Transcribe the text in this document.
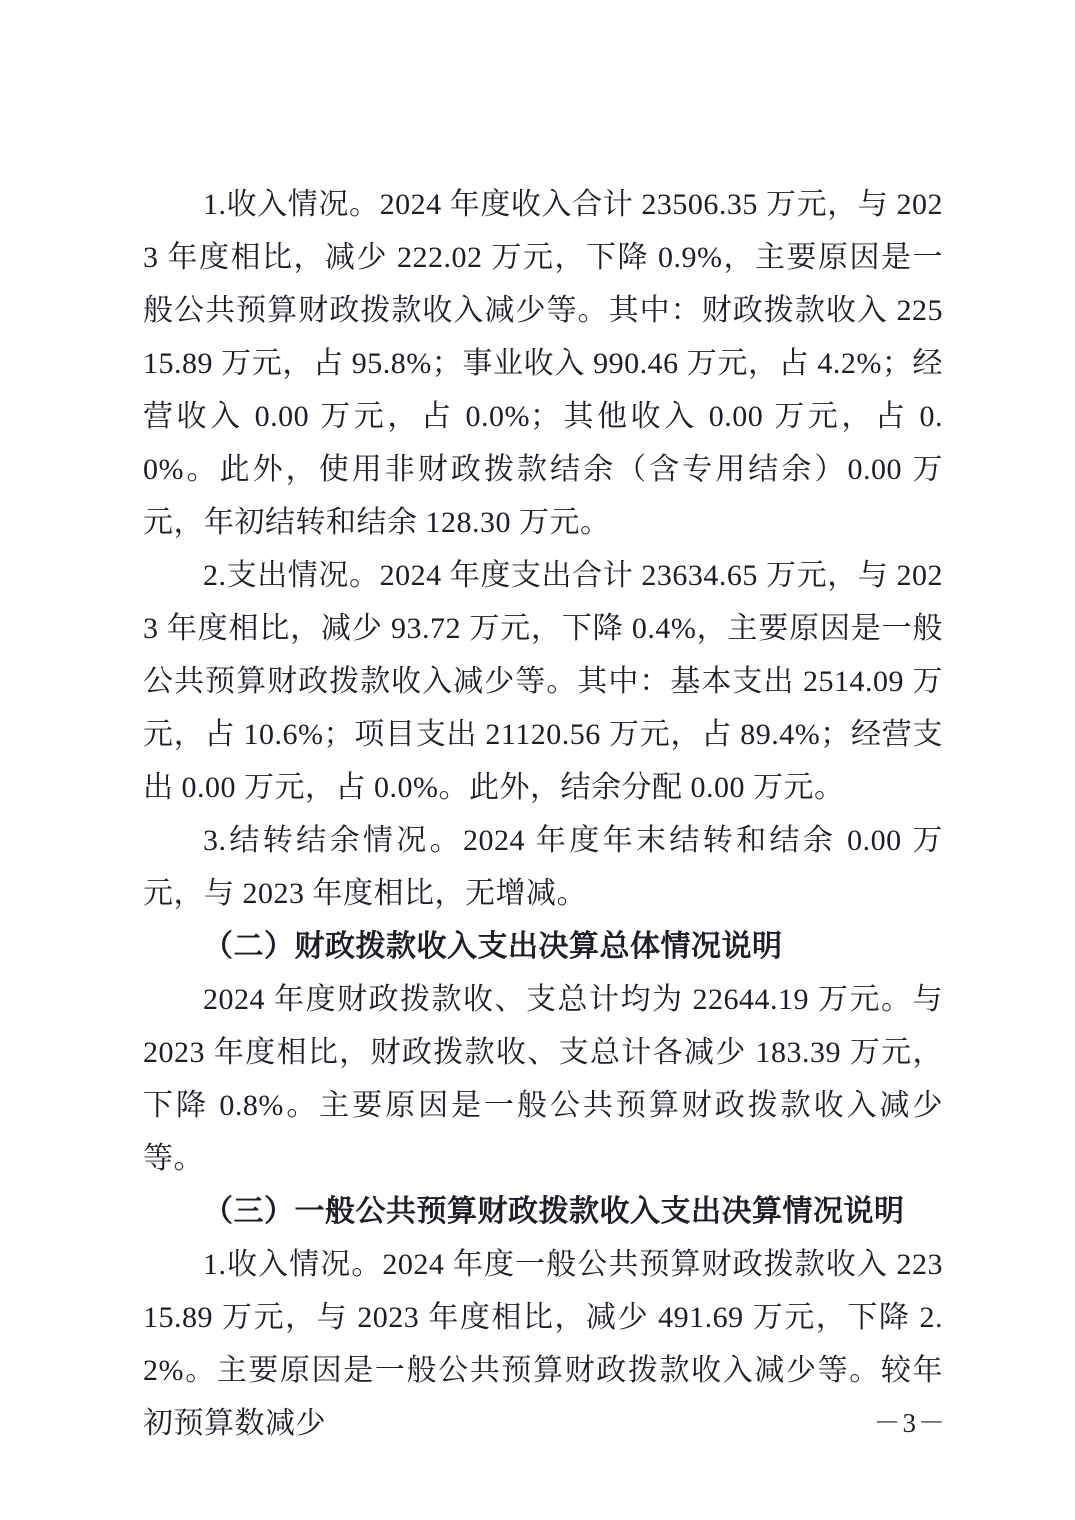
1.收入情况。2024 年度收入合计 23506.35 万元，与 2023 年度相比，减少 222.02 万元，下降 0.9%，主要原因是一般公共预算财政拨款收入减少等。其中：财政拨款收入 22515.89 万元，占 95.8%；事业收入 990.46 万元，占 4.2%；经营收入 0.00 万元，占 0.0%；其他收入 0.00 万元，占 0.0%。此外，使用非财政拨款结余（含专用结余）0.00 万元，年初结转和结余 128.30 万元。

2.支出情况。2024 年度支出合计 23634.65 万元，与 2023 年度相比，减少 93.72 万元，下降 0.4%，主要原因是一般公共预算财政拨款收入减少等。其中：基本支出 2514.09 万元，占 10.6%；项目支出 21120.56 万元，占 89.4%；经营支出 0.00 万元，占 0.0%。此外，结余分配 0.00 万元。

3.结转结余情况。2024 年度年末结转和结余 0.00 万元，与 2023 年度相比，无增减。

（二）财政拨款收入支出决算总体情况说明

2024 年度财政拨款收、支总计均为 22644.19 万元。与 2023 年度相比，财政拨款收、支总计各减少 183.39 万元，下降 0.8%。主要原因是一般公共预算财政拨款收入减少等。

（三）一般公共预算财政拨款收入支出决算情况说明

1.收入情况。2024 年度一般公共预算财政拨款收入 22315.89 万元，与 2023 年度相比，减少 491.69 万元，下降 2.2%。主要原因是一般公共预算财政拨款收入减少等。较年初预算数减少	－3－
